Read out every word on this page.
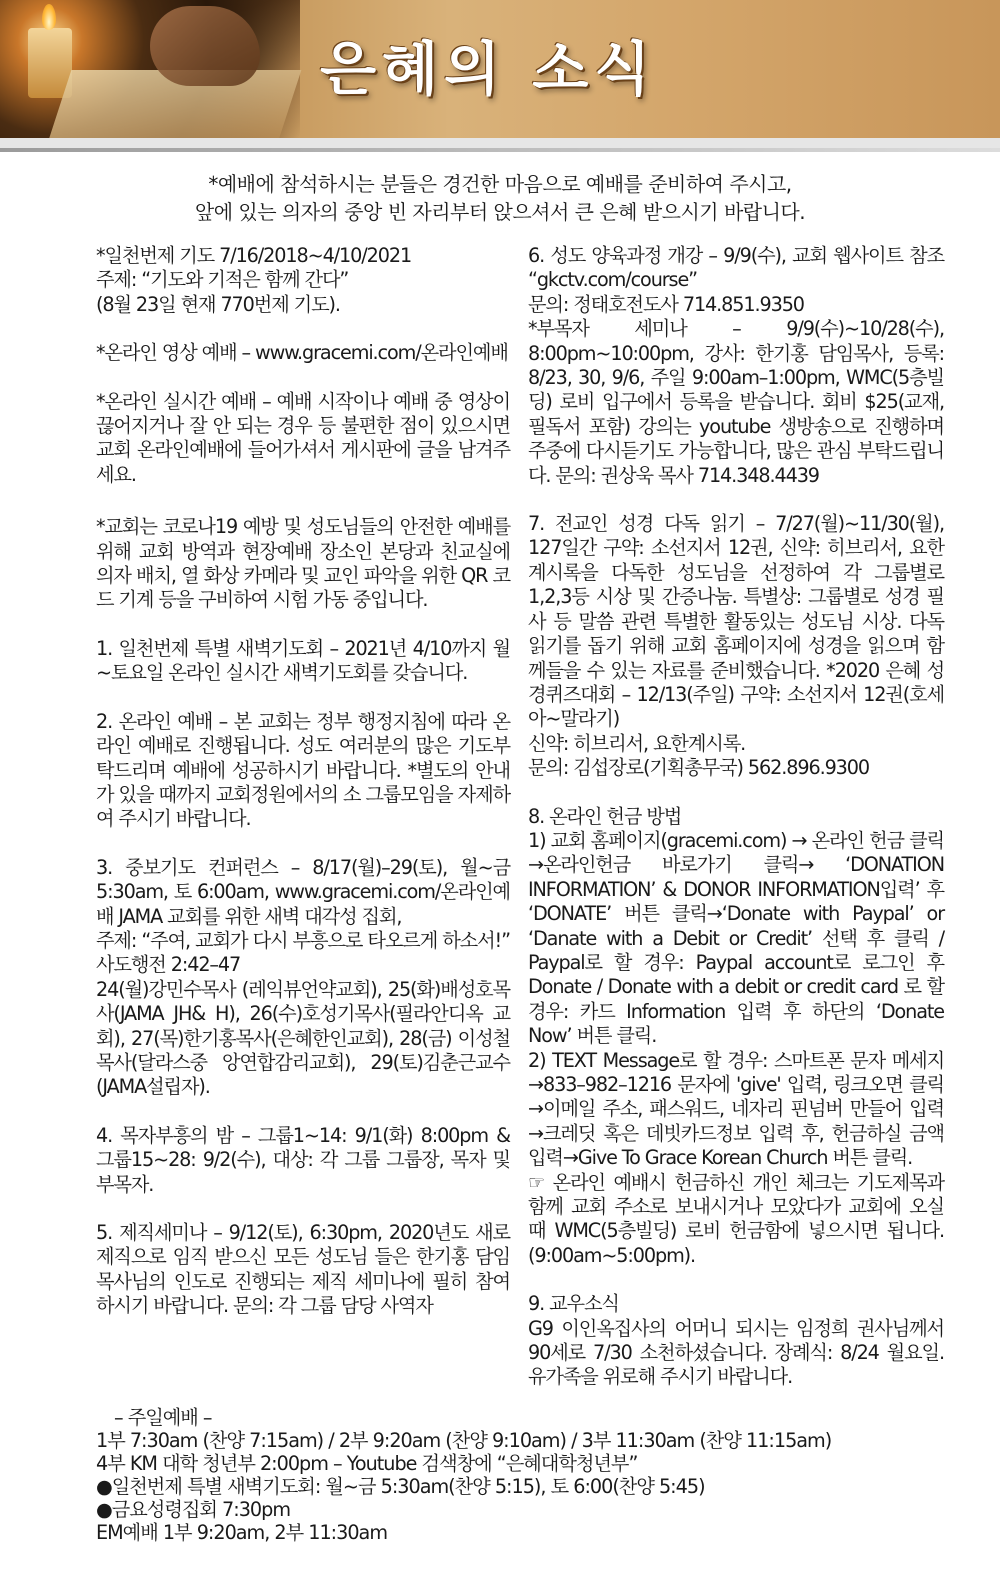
은혜의 소식
*예배에 참석하시는 분들은 경건한 마음으로 예배를 준비하여 주시고,
앞에 있는 의자의 중앙 빈 자리부터 앉으셔서 큰 은혜 받으시기 바랍니다.

*일천번제 기도 7/16/2018~4/10/2021

주제: “기도와 기적은 함께 간다”

(8월 23일 현재 770번제 기도).

*온라인 영상 예배 – www.gracemi.com/온라인예배

*온라인 실시간 예배 – 예배 시작이나 예배 중 영상이 끊어지거나 잘 안 되는 경우 등 불편한 점이 있으시면 교회 온라인예배에 들어가셔서 게시판에 글을 남겨주세요.

*교회는 코로나19 예방 및 성도님들의 안전한 예배를 위해 교회 방역과 현장예배 장소인 본당과 친교실에 의자 배치, 열 화상 카메라 및 교인 파악을 위한 QR 코드 기계 등을 구비하여 시험 가동 중입니다.

1. 일천번제 특별 새벽기도회 – 2021년 4/10까지 월~토요일 온라인 실시간 새벽기도회를 갖습니다.

2. 온라인 예배 – 본 교회는 정부 행정지침에 따라 온라인 예배로 진행됩니다. 성도 여러분의 많은 기도부탁드리며 예배에 성공하시기 바랍니다. *별도의 안내가 있을 때까지 교회정원에서의 소 그룹모임을 자제하여 주시기 바랍니다.

3. 중보기도 컨퍼런스 – 8/17(월)–29(토), 월~금 5:30am, 토 6:00am, www.gracemi.com/온라인예배 JAMA 교회를 위한 새벽 대각성 집회,

주제: “주여, 교회가 다시 부흥으로 타오르게 하소서!” 사도행전 2:42–47

24(월)강민수목사 (레익뷰언약교회), 25(화)배성호목사(JAMA JH& H), 26(수)호성기목사(필라안디옥 교회), 27(목)한기홍목사(은혜한인교회), 28(금) 이성철목사(달라스중 앙연합감리교회), 29(토)김춘근교수(JAMA설립자).

4. 목자부흥의 밤 – 그룹1~14: 9/1(화) 8:00pm & 그룹15~28: 9/2(수), 대상: 각 그룹 그룹장, 목자 및 부목자.

5. 제직세미나 – 9/12(토), 6:30pm, 2020년도 새로 제직으로 임직 받으신 모든 성도님 들은 한기홍 담임목사님의 인도로 진행되는 제직 세미나에 필히 참여 하시기 바랍니다. 문의: 각 그룹 담당 사역자

6. 성도 양육과정 개강 – 9/9(수), 교회 웹사이트 참조 “gkctv.com/course”

문의: 정태호전도사 714.851.9350

*부목자 세미나 – 9/9(수)~10/28(수), 8:00pm~10:00pm, 강사: 한기홍 담임목사, 등록: 8/23, 30, 9/6, 주일 9:00am–1:00pm, WMC(5층빌딩) 로비 입구에서 등록을 받습니다. 회비 $25(교재, 필독서 포함) 강의는 youtube 생방송으로 진행하며 주중에 다시듣기도 가능합니다, 많은 관심 부탁드립니다. 문의: 권상욱 목사 714.348.4439

7. 전교인 성경 다독 읽기 – 7/27(월)~11/30(월), 127일간 구약: 소선지서 12권, 신약: 히브리서, 요한계시록을 다독한 성도님을 선정하여 각 그룹별로 1,2,3등 시상 및 간증나눔. 특별상: 그룹별로 성경 필사 등 말씀 관련 특별한 활동있는 성도님 시상. 다독 읽기를 돕기 위해 교회 홈페이지에 성경을 읽으며 함께들을 수 있는 자료를 준비했습니다. *2020 은혜 성경퀴즈대회 – 12/13(주일) 구약: 소선지서 12권(호세아~말라기)

신약: 히브리서, 요한계시록.

문의: 김섭장로(기획총무국) 562.896.9300

8. 온라인 헌금 방법

1) 교회 홈페이지(gracemi.com) → 온라인 헌금 클릭→온라인헌금 바로가기 클릭→ ‘DONATION INFORMATION’ & DONOR INFORMATION입력’ 후 ‘DONATE’ 버튼 클릭→‘Donate with Paypal’ or ‘Danate with a Debit or Credit’ 선택 후 클릭 / Paypal로 할 경우: Paypal account로 로그인 후 Donate / Donate with a debit or credit card 로 할 경우: 카드 Information 입력 후 하단의 ‘Donate Now’ 버튼 클릭.

2) TEXT Message로 할 경우: 스마트폰 문자 메세지→833–982–1216 문자에 'give' 입력, 링크오면 클릭→이메일 주소, 패스워드, 네자리 핀넘버 만들어 입력→크레딧 혹은 데빗카드정보 입력 후, 헌금하실 금액 입력→Give To Grace Korean Church 버튼 클릭.

☞ 온라인 예배시 헌금하신 개인 체크는 기도제목과 함께 교회 주소로 보내시거나 모았다가 교회에 오실 때 WMC(5층빌딩) 로비 헌금함에 넣으시면 됩니다. (9:00am~5:00pm).

9. 교우소식

G9 이인옥집사의 어머니 되시는 임정희 권사님께서 90세로 7/30 소천하셨습니다. 장례식: 8/24 월요일. 유가족을 위로해 주시기 바랍니다.

– 주일예배 –
1부 7:30am (찬양 7:15am) / 2부 9:20am (찬양 9:10am) / 3부 11:30am (찬양 11:15am)
4부 KM 대학 청년부 2:00pm – Youtube 검색창에 “은혜대학청년부”
●일천번제 특별 새벽기도회: 월~금 5:30am(찬양 5:15), 토 6:00(찬양 5:45)
●금요성령집회 7:30pm
EM예배 1부 9:20am, 2부 11:30am
